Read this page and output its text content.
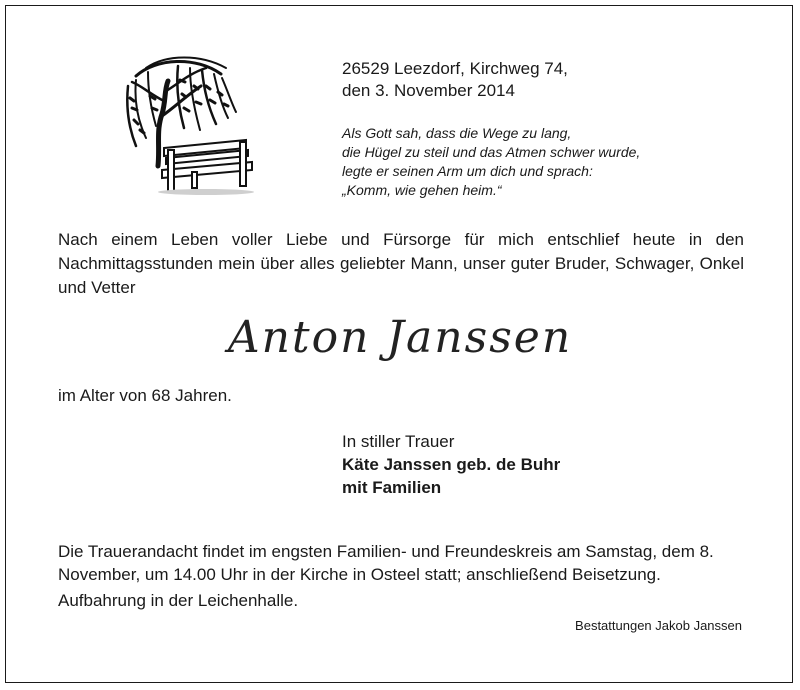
26529 Leezdorf, Kirchweg 74,
den 3. November 2014
Als Gott sah, dass die Wege zu lang,
die Hügel zu steil und das Atmen schwer wurde,
legte er seinen Arm um dich und sprach:
„Komm, wie gehen heim.“
Nach einem Leben voller Liebe und Fürsorge für mich entschlief heute in den Nachmittagsstunden mein über alles geliebter Mann, unser guter Bruder, Schwager, Onkel und Vetter
Anton Janssen
im Alter von 68 Jahren.
In stiller Trauer
Käte Janssen geb. de Buhr
mit Familien
Die Trauerandacht findet im engsten Familien- und Freundeskreis am Samstag, dem 8. November, um 14.00 Uhr in der Kirche in Osteel statt; anschließend Beisetzung.
Aufbahrung in der Leichenhalle.
Bestattungen Jakob Janssen
